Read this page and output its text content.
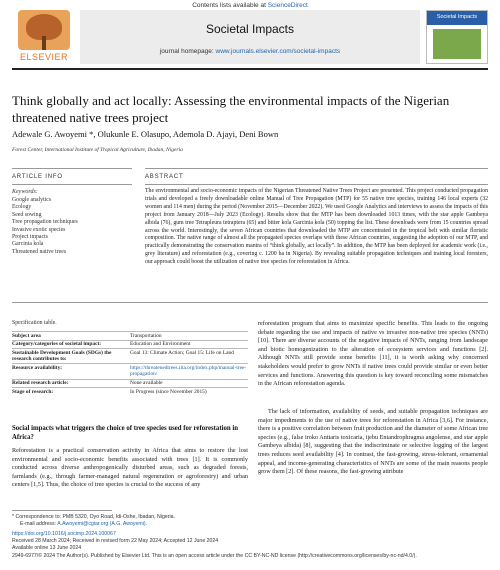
Contents lists available at ScienceDirect
ELSEVIER
Societal Impacts
journal homepage: www.journals.elsevier.com/societal-impacts
Societal Impacts
Think globally and act locally: Assessing the environmental impacts of the Nigerian threatened native trees project
Adewale G. Awoyemi *, Olukunle E. Olasupo, Ademola D. Ajayi, Deni Bown
Forest Center, International Institute of Tropical Agriculture, Ibadan, Nigeria
ARTICLE INFO	ABSTRACT
Keywords:
Google analytics
Ecology
Seed sowing
Tree propagation techniques
Invasive exotic species
Project impacts
Garcinia kola
Threatened native trees
The environmental and socio-economic impacts of the Nigerian Threatened Native Trees Project are presented. This project conducted propagation trials and developed a freely downloadable online Manual of Tree Propagation (MTP) for 55 native tree species, training 146 local experts (32 women and 114 men) during the period (November 2015—December 2022). We used Google Analytics and interviews to assess the impacts of this project from January 2018—July 2023 (Ecology). Results show that the MTP has been downloaded 1013 times, with the star apple Gambeya albida (76), gum tree Tetrapleura tetraptera (65) and bitter kola Garcinia kola (50) topping the list. These downloads were from 15 countries spread across the world. Interestingly, the seven African countries that downloaded the MTP are concentrated in the tropical belt with similar floristic composition. The native range of almost all the propagated species overlaps with these African countries, suggesting the adoption of our MTP, and practically demonstrating the conservation mantra of “think globally, act locally”. In addition, the MTP has been deployed for academic work (i.e., grey literature) and reforestation (e.g., covering c. 1200 ha in Nigeria). By revealing suitable propagation techniques and training local foresters, our approach could boost the utilization of native tree species for reforestation in Africa.
Specification table.
Subject area	Transportation
Category/categories of societal impact:	Education and Environment
Sustainable Development Goals (SDGs) the research contributes to:	Goal 13: Climate Action; Goal 15: Life on Land
Resource availability:	https://threatenedtrees.iita.org/index.php/manual-tree-propagation/
Related research article:	None available
Stage of research:	In Progress (since November 2015)
Social impacts what triggers the choice of tree species used for reforestation in Africa?
Reforestation is a practical conservation activity in Africa that aims to restore the lost environmental and socio-economic benefits associated with trees [1]. It is commonly conducted across diverse anthropogenically disturbed areas, such as degraded forests, farmlands (e.g., through farmer-managed natural regeneration or agroforestry) and urban centers [1,5]. Thus, the choice of tree species is crucial to the success of any
reforestation program that aims to maximize specific benefits. This leads to the ongoing debate regarding the use and impacts of native vs invasive non-native tree species (NNTs) [10]. There are diverse accounts of the negative impacts of NNTs, ranging from landscape and biotic homogenization to the alteration of ecosystem services and functions [2]. Although NNTs still provide some benefits [11], it is worth asking why concerned stakeholders would prefer to grow NNTs if native trees could provide similar or even better services and functions. Answering this question is key toward reconciling some mismatches in the African reforestation agenda.
The lack of information, availability of seeds, and suitable propagation techniques are major impediments to the use of native trees for reforestation in Africa [3,6]. For instance, there is a positive correlation between fruit production and the diameter of some African tree species (e.g., false iroko Antiaris toxicaria, ijebu Entandrophragma angolense, and star apple Gambeya albida) [8], suggesting that the indiscriminate or selective logging of the largest trees reduces seed availability [4]. In contrast, the fast-growing, stress-tolerant, ornamental appeal, and income-generating characteristics of NNTs are some of the main reasons people grow them [2]. Of these reasons, the fast-growing attribute
* Correspondence to: PMB 5320, Oyo Road, Idi-Oshe, Ibadan, Nigeria.
E-mail address: A.Awoyemi@cgiar.org (A.G. Awoyemi).
https://doi.org/10.1016/j.socimp.2024.100067
Received 28 March 2024; Received in revised form 22 May 2024; Accepted 12 June 2024
Available online 13 June 2024
2949-6977/© 2024 The Author(s). Published by Elsevier Ltd. This is an open access article under the CC BY-NC-ND license (http://creativecommons.org/licenses/by-nc-nd/4.0/).
